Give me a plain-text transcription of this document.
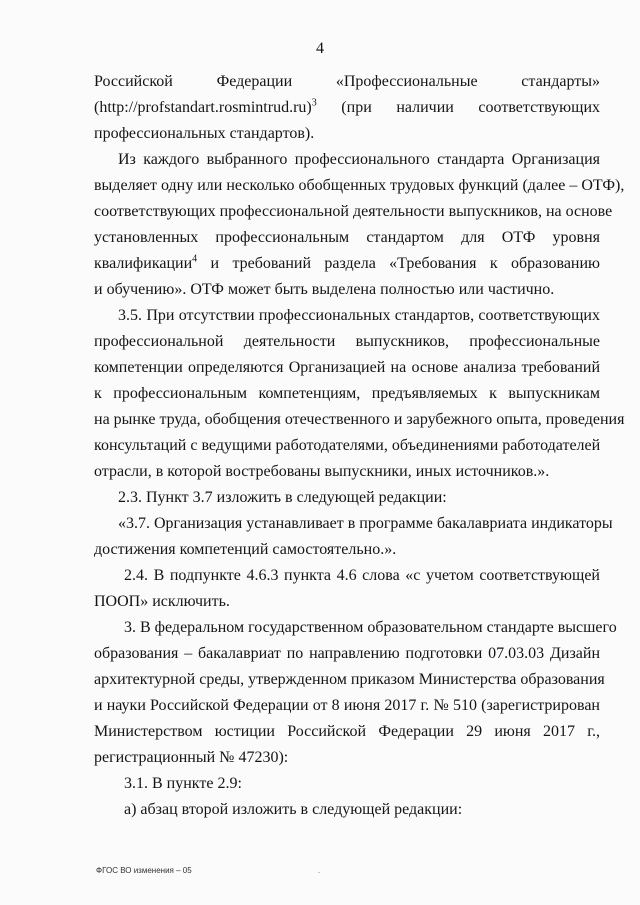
4
Российской Федерации «Профессиональные стандарты»
(http://profstandart.rosmintrud.ru)$^3$ (при наличии соответствующих
профессиональных стандартов).
Из каждого выбранного профессионального стандарта Организация
выделяет одну или несколько обобщенных трудовых функций (далее – ОТФ),
соответствующих профессиональной деятельности выпускников, на основе
установленных профессиональным стандартом для ОТФ уровня
квалификации$^4$ и требований раздела «Требования к образованию
и обучению». ОТФ может быть выделена полностью или частично.
3.5. При отсутствии профессиональных стандартов, соответствующих
профессиональной деятельности выпускников, профессиональные
компетенции определяются Организацией на основе анализа требований
к профессиональным компетенциям, предъявляемых к выпускникам
на рынке труда, обобщения отечественного и зарубежного опыта, проведения
консультаций с ведущими работодателями, объединениями работодателей
отрасли, в которой востребованы выпускники, иных источников.».
2.3. Пункт 3.7 изложить в следующей редакции:
«3.7. Организация устанавливает в программе бакалавриата индикаторы
достижения компетенций самостоятельно.».
2.4. В подпункте 4.6.3 пункта 4.6 слова «с учетом соответствующей
ПООП» исключить.
3. В федеральном государственном образовательном стандарте высшего
образования – бакалавриат по направлению подготовки 07.03.03 Дизайн
архитектурной среды, утвержденном приказом Министерства образования
и науки Российской Федерации от 8 июня 2017 г. № 510 (зарегистрирован
Министерством юстиции Российской Федерации 29 июня 2017 г.,
регистрационный № 47230):
3.1. В пункте 2.9:
а) абзац второй изложить в следующей редакции:
ФГОС ВО изменения – 05	.
